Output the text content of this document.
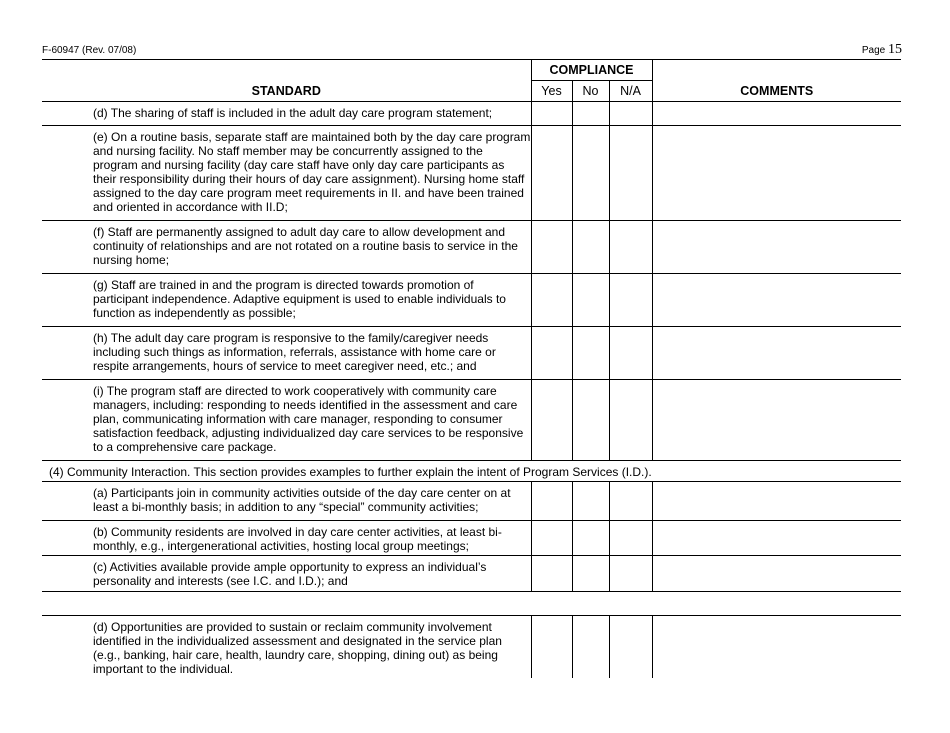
F-60947 (Rev. 07/08)	Page 15
	COMPLIANCE			
STANDARD	Yes	No	N/A	COMMENTS
(d) The sharing of staff is included in the adult day care program statement;				
(e) On a routine basis, separate staff are maintained both by the day care program and nursing facility. No staff member may be concurrently assigned to the program and nursing facility (day care staff have only day care participants as their responsibility during their hours of day care assignment). Nursing home staff assigned to the day care program meet requirements in II. and have been trained and oriented in accordance with II.D;				
(f) Staff are permanently assigned to adult day care to allow development and continuity of relationships and are not rotated on a routine basis to service in the nursing home;				
(g) Staff are trained in and the program is directed towards promotion of participant independence. Adaptive equipment is used to enable individuals to function as independently as possible;				
(h) The adult day care program is responsive to the family/caregiver needs including such things as information, referrals, assistance with home care or respite arrangements, hours of service to meet caregiver need, etc.; and				
(i) The program staff are directed to work cooperatively with community care managers, including: responding to needs identified in the assessment and care plan, communicating information with care manager, responding to consumer satisfaction feedback, adjusting individualized day care services to be responsive to a comprehensive care package.				
(4) Community Interaction. This section provides examples to further explain the intent of Program Services (I.D.).				
(a) Participants join in community activities outside of the day care center on at least a bi-monthly basis; in addition to any “special” community activities;				
(b) Community residents are involved in day care center activities, at least bi-monthly, e.g., intergenerational activities, hosting local group meetings;				
(c) Activities available provide ample opportunity to express an individual’s personality and interests (see I.C. and I.D.); and				

(d) Opportunities are provided to sustain or reclaim community involvement identified in the individualized assessment and designated in the service plan (e.g., banking, hair care, health, laundry care, shopping, dining out) as being important to the individual.				
